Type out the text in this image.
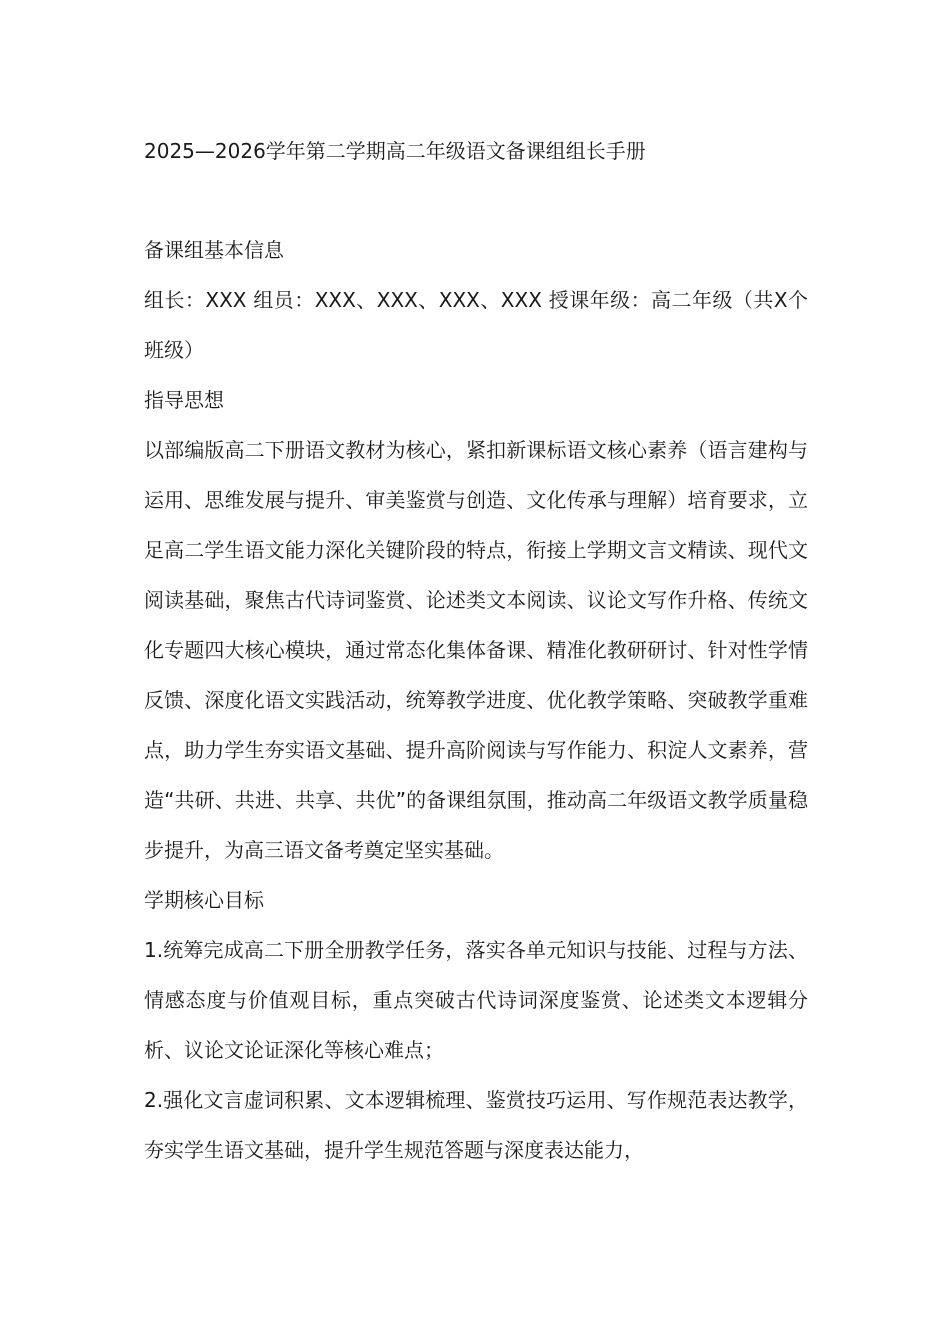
2025—2026学年第二学期高二年级语文备课组组长手册
备课组基本信息

组长：XXX 组员：XXX、XXX、XXX、XXX 授课年级：高二年级（共X个班级）

指导思想

以部编版高二下册语文教材为核心，紧扣新课标语文核心素养（语言建构与运用、思维发展与提升、审美鉴赏与创造、文化传承与理解）培育要求，立足高二学生语文能力深化关键阶段的特点，衔接上学期文言文精读、现代文阅读基础，聚焦古代诗词鉴赏、论述类文本阅读、议论文写作升格、传统文化专题四大核心模块，通过常态化集体备课、精准化教研研讨、针对性学情反馈、深度化语文实践活动，统筹教学进度、优化教学策略、突破教学重难点，助力学生夯实语文基础、提升高阶阅读与写作能力、积淀人文素养，营造“共研、共进、共享、共优”的备课组氛围，推动高二年级语文教学质量稳步提升，为高三语文备考奠定坚实基础。

学期核心目标

1.统筹完成高二下册全册教学任务，落实各单元知识与技能、过程与方法、情感态度与价值观目标，重点突破古代诗词深度鉴赏、论述类文本逻辑分析、议论文论证深化等核心难点；

2.强化文言虚词积累、文本逻辑梳理、鉴赏技巧运用、写作规范表达教学，夯实学生语文基础，提升学生规范答题与深度表达能力，
